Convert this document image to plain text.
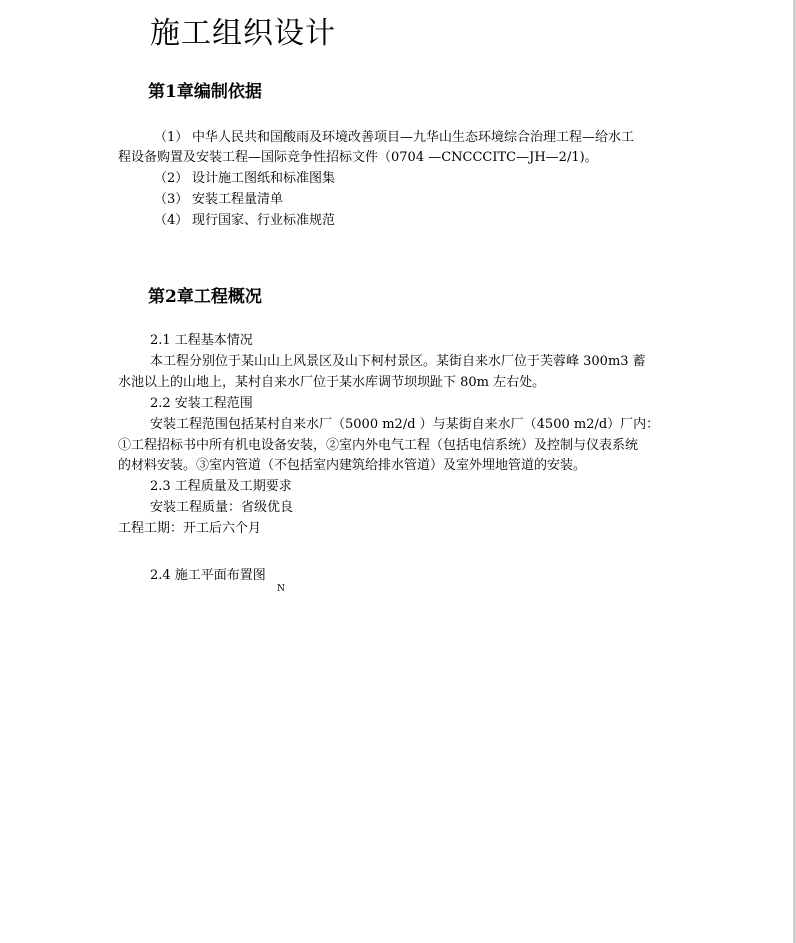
施工组织设计
第1章编制依据
（1） 中华人民共和国酸雨及环境改善项目—九华山生态环境综合治理工程—给水工
程设备购置及安装工程—国际竞争性招标文件（0704 —CNCCCITC—JH—2/1)。
（2） 设计施工图纸和标准图集
（3） 安装工程量清单
（4） 现行国家、行业标准规范
第2章工程概况
2.1 工程基本情况
本工程分别位于某山山上风景区及山下柯村景区。某街自来水厂位于芙蓉峰 300m3 蓄
水池以上的山地上，某村自来水厂位于某水库调节坝坝趾下 80m 左右处。
2.2 安装工程范围
安装工程范围包括某村自来水厂（5000 m2/d ）与某街自来水厂（4500 m2/d）厂内：
①工程招标书中所有机电设备安装，②室内外电气工程（包括电信系统）及控制与仪表系统
的材料安装。③室内管道（不包括室内建筑给排水管道）及室外埋地管道的安装。
2.3 工程质量及工期要求
安装工程质量：省级优良
工程工期：开工后六个月
2.4 施工平面布置图
N
